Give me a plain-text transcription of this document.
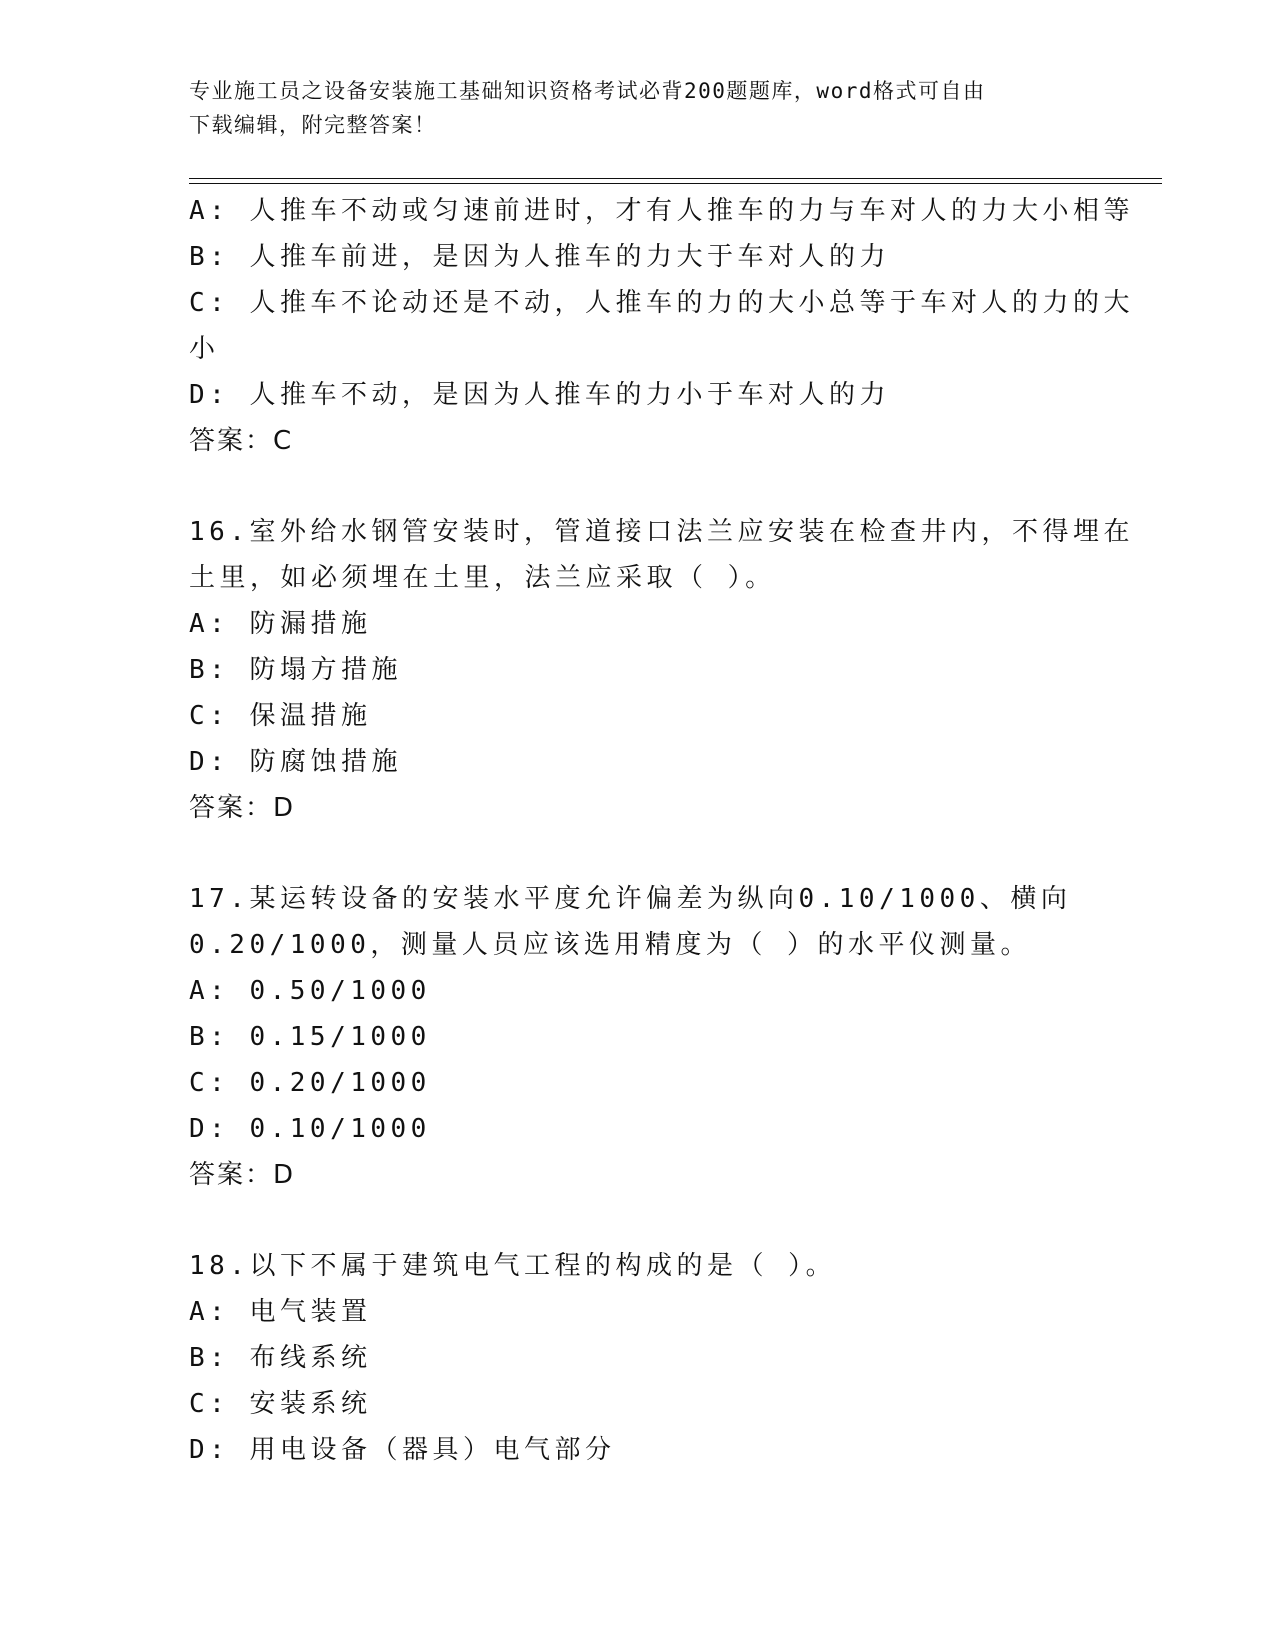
专业施工员之设备安装施工基础知识资格考试必背200题题库，word格式可自由
下载编辑，附完整答案！

A: 人推车不动或匀速前进时，才有人推车的力与车对人的力大小相等

B: 人推车前进，是因为人推车的力大于车对人的力

C: 人推车不论动还是不动，人推车的力的大小总等于车对人的力的大

小

D: 人推车不动，是因为人推车的力小于车对人的力

答案：C

16.室外给水钢管安装时，管道接口法兰应安装在检查井内，不得埋在

土里，如必须埋在土里，法兰应采取（ ）。

A: 防漏措施

B: 防塌方措施

C: 保温措施

D: 防腐蚀措施

答案：D

17.某运转设备的安装水平度允许偏差为纵向0.10/1000、横向

0.20/1000，测量人员应该选用精度为（ ）的水平仪测量。

A: 0.50/1000

B: 0.15/1000

C: 0.20/1000

D: 0.10/1000

答案：D

18.以下不属于建筑电气工程的构成的是（ ）。

A: 电气装置

B: 布线系统

C: 安装系统

D: 用电设备（器具）电气部分
